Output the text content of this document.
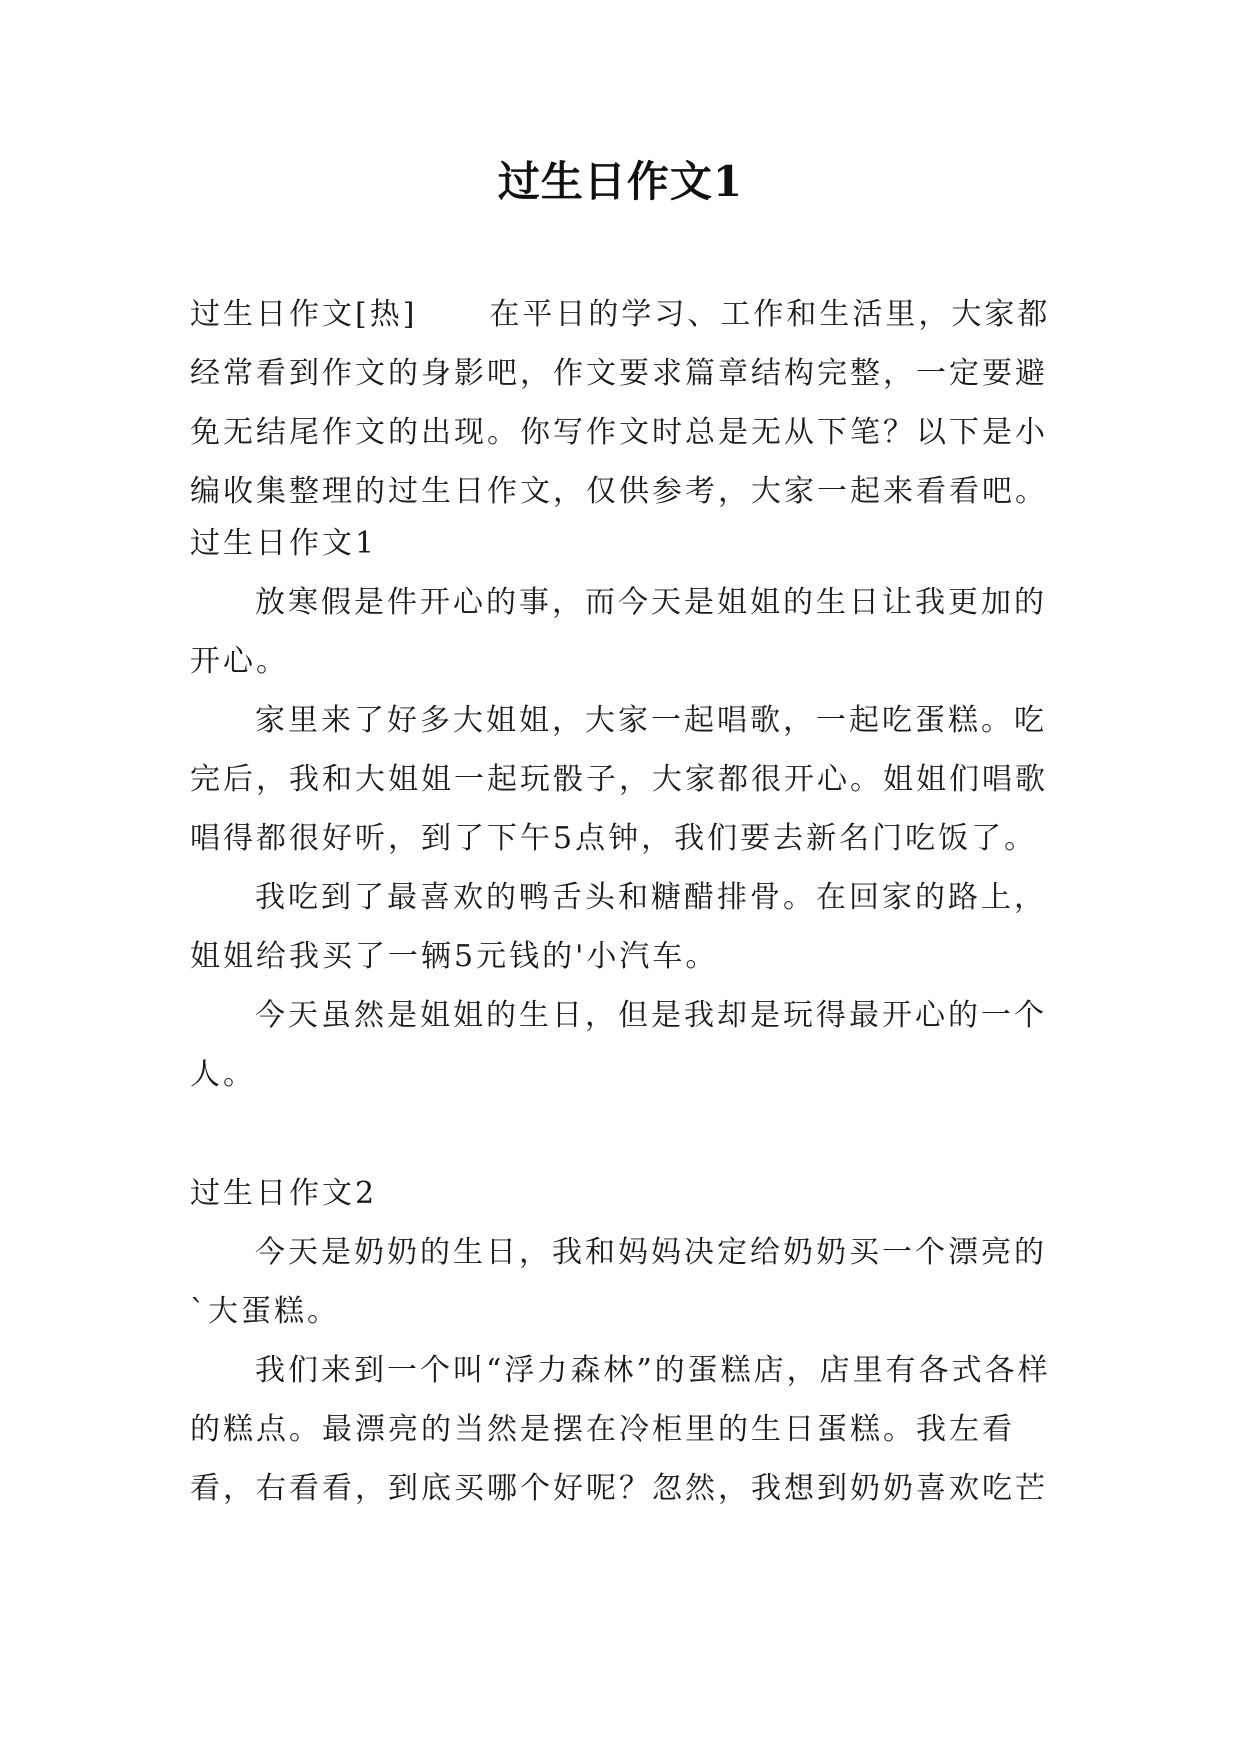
过生日作文1

过生日作文[热] 在平日的学习、工作和生活里，大家都经常看到作文的身影吧，作文要求篇章结构完整，一定要避免无结尾作文的出现。你写作文时总是无从下笔？以下是小编收集整理的过生日作文，仅供参考，大家一起来看看吧。

过生日作文1

放寒假是件开心的事，而今天是姐姐的生日让我更加的开心。

家里来了好多大姐姐，大家一起唱歌，一起吃蛋糕。吃完后，我和大姐姐一起玩骰子，大家都很开心。姐姐们唱歌唱得都很好听，到了下午5点钟，我们要去新名门吃饭了。

我吃到了最喜欢的鸭舌头和糖醋排骨。在回家的路上，姐姐给我买了一辆5元钱的'小汽车。

今天虽然是姐姐的生日，但是我却是玩得最开心的一个人。

过生日作文2

今天是奶奶的生日，我和妈妈决定给奶奶买一个漂亮的`大蛋糕。

我们来到一个叫“浮力森林”的蛋糕店，店里有各式各样的糕点。最漂亮的当然是摆在冷柜里的生日蛋糕。我左看看，右看看，到底买哪个好呢？忽然，我想到奶奶喜欢吃芒
